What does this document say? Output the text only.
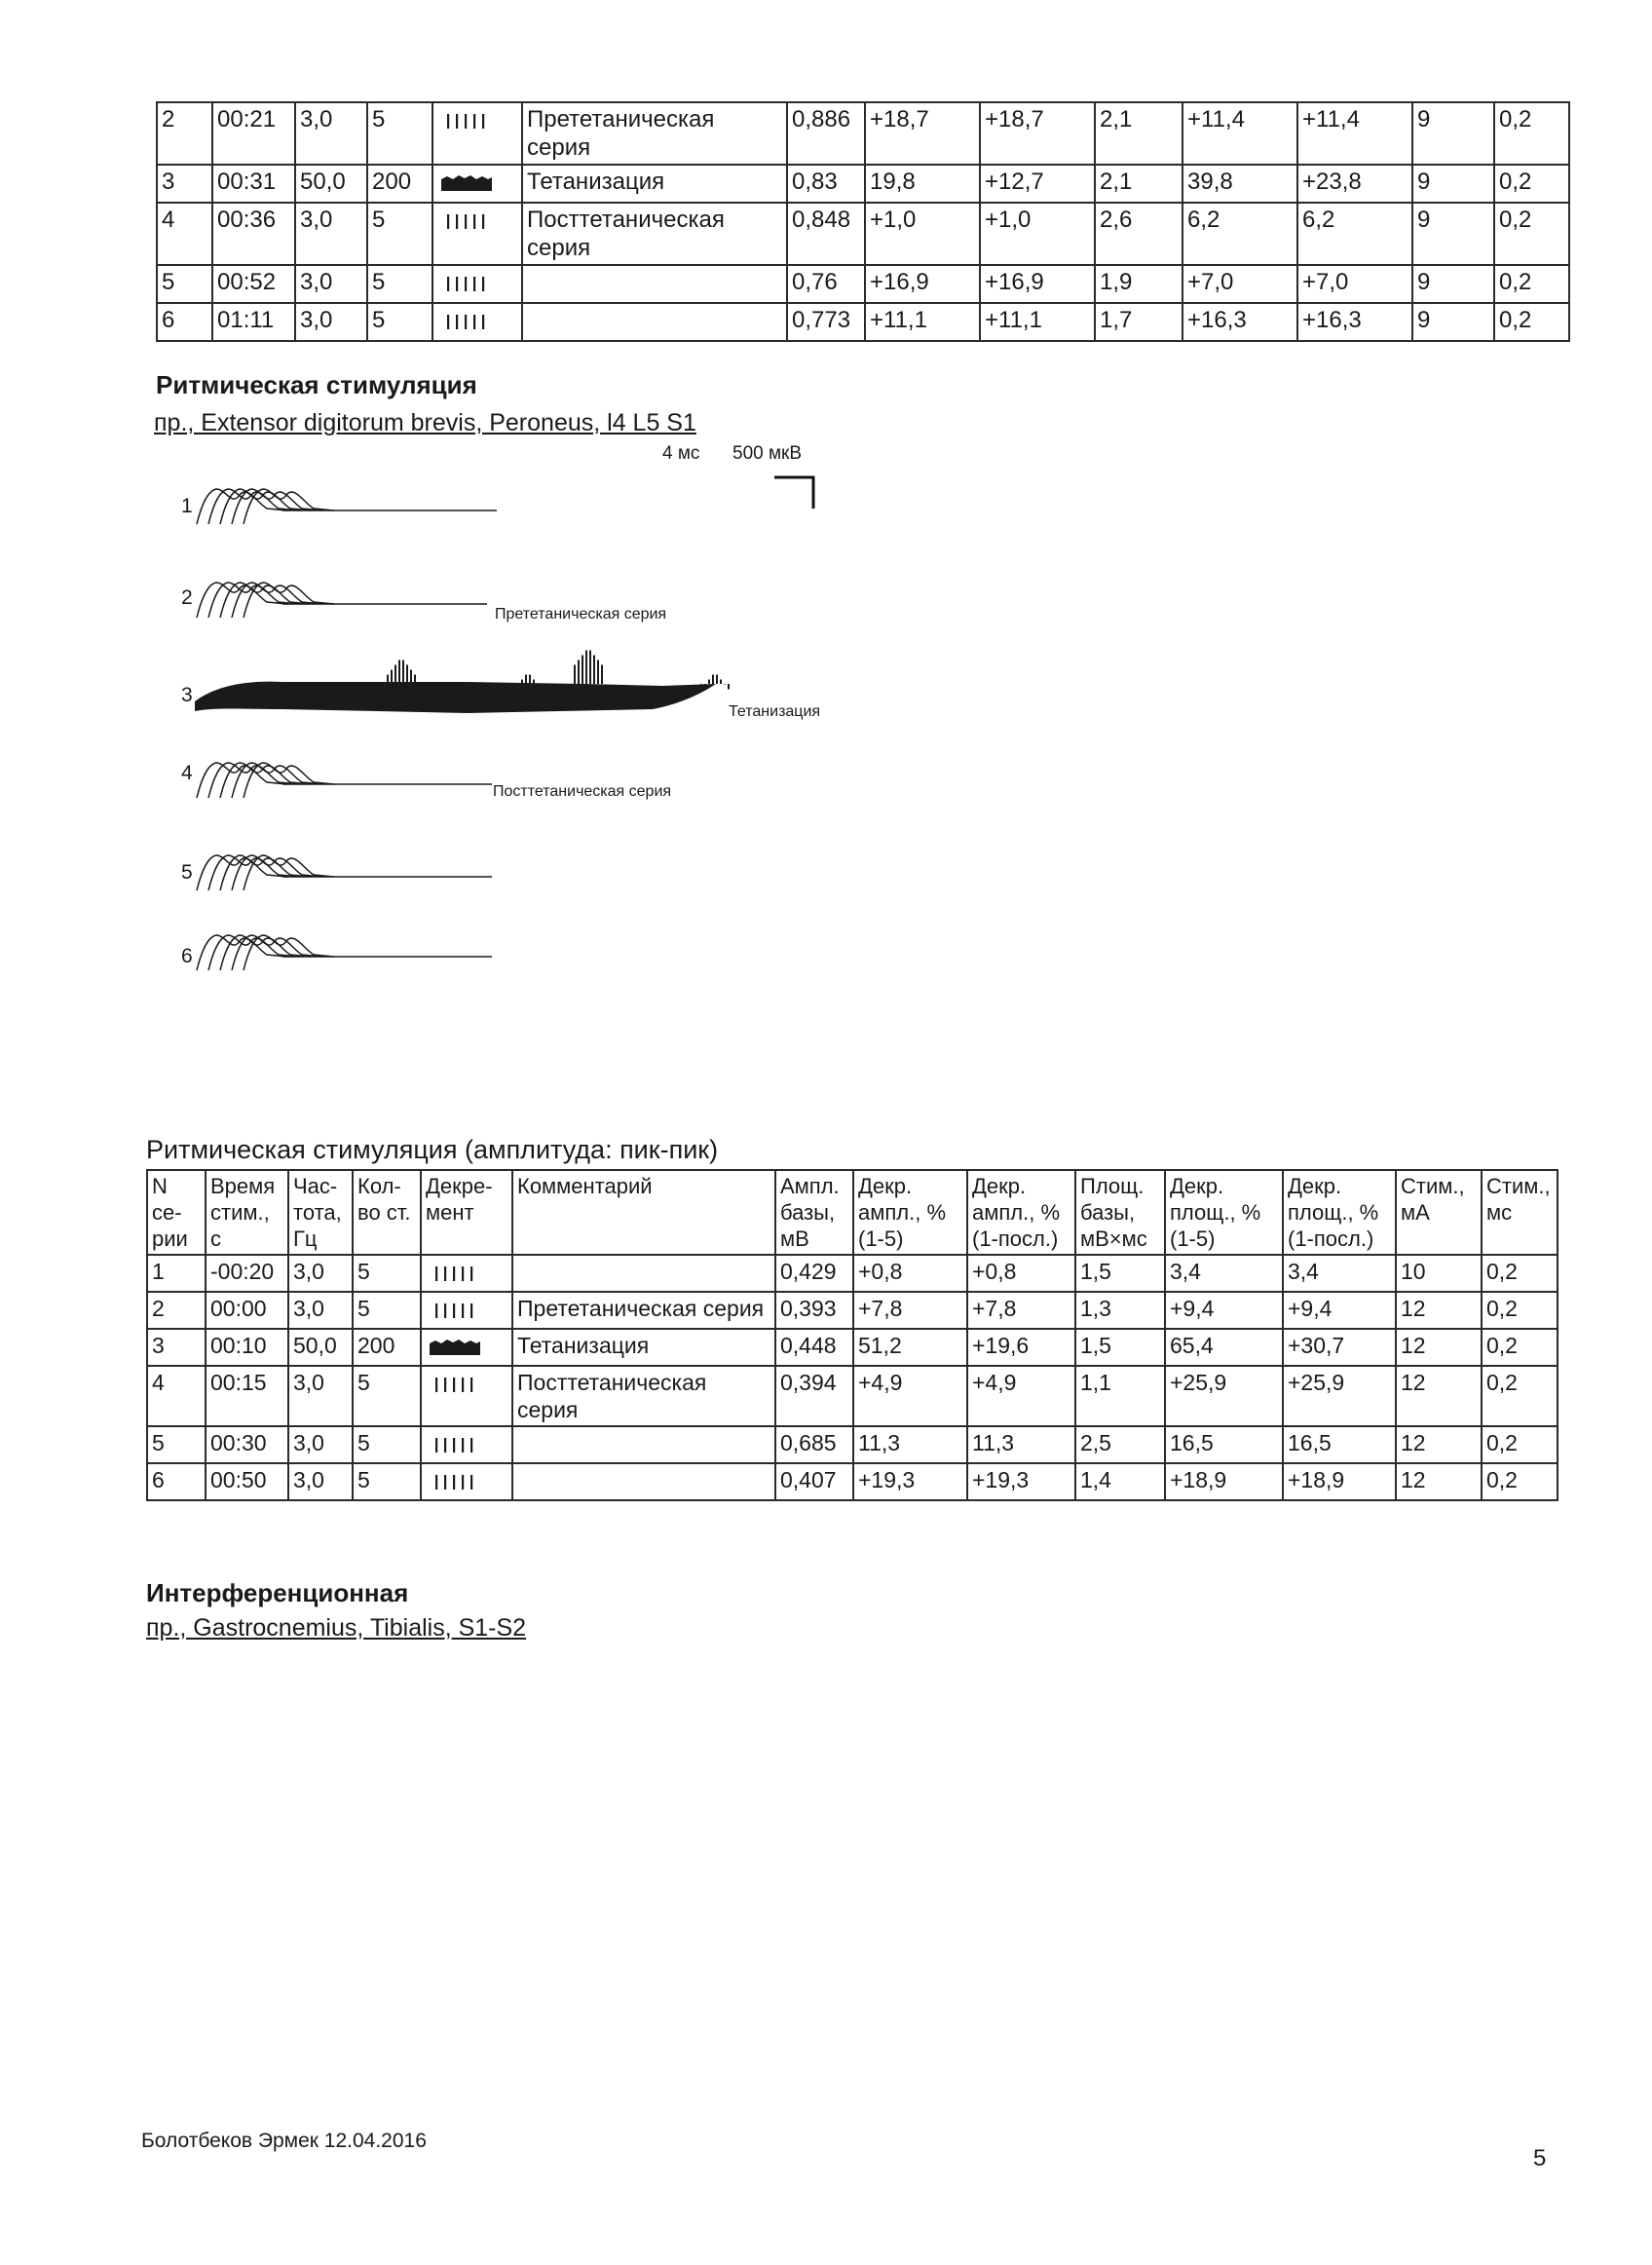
2	00:21	3,0	5		Прететаническая серия	0,886	+18,7	+18,7	2,1	+11,4	+11,4	9	0,2
3	00:31	50,0	200		Тетанизация	0,83	19,8	+12,7	2,1	39,8	+23,8	9	0,2
4	00:36	3,0	5		Посттетаническая серия	0,848	+1,0	+1,0	2,6	6,2	6,2	9	0,2
5	00:52	3,0	5			0,76	+16,9	+16,9	1,9	+7,0	+7,0	9	0,2
6	01:11	3,0	5			0,773	+11,1	+11,1	1,7	+16,3	+16,3	9	0,2
Ритмическая стимуляция
пр., Extensor digitorum brevis, Peroneus, l4 L5 S1
4 мс 500 мкВ
1
2
3
4
5
6
Прететаническая серия
Тетанизация
Посттетаническая серия
Ритмическая стимуляция (амплитуда: пик-пик)
N се-рии	Время стим., с	Час-тота, Гц	Кол-во ст.	Декре-мент	Комментарий	Ампл. базы, мВ	Декр. ампл., % (1-5)	Декр. ампл., % (1-посл.)	Площ. базы, мВ×мс	Декр. площ., % (1-5)	Декр. площ., % (1-посл.)	Стим., мА	Стим., мс
1	-00:20	3,0	5			0,429	+0,8	+0,8	1,5	3,4	3,4	10	0,2
2	00:00	3,0	5		Прететаническая серия	0,393	+7,8	+7,8	1,3	+9,4	+9,4	12	0,2
3	00:10	50,0	200		Тетанизация	0,448	51,2	+19,6	1,5	65,4	+30,7	12	0,2
4	00:15	3,0	5		Посттетаническая серия	0,394	+4,9	+4,9	1,1	+25,9	+25,9	12	0,2
5	00:30	3,0	5			0,685	11,3	11,3	2,5	16,5	16,5	12	0,2
6	00:50	3,0	5			0,407	+19,3	+19,3	1,4	+18,9	+18,9	12	0,2
Интерференционная
пр., Gastrocnemius, Tibialis, S1-S2
Болотбеков Эрмек 12.04.2016
5
